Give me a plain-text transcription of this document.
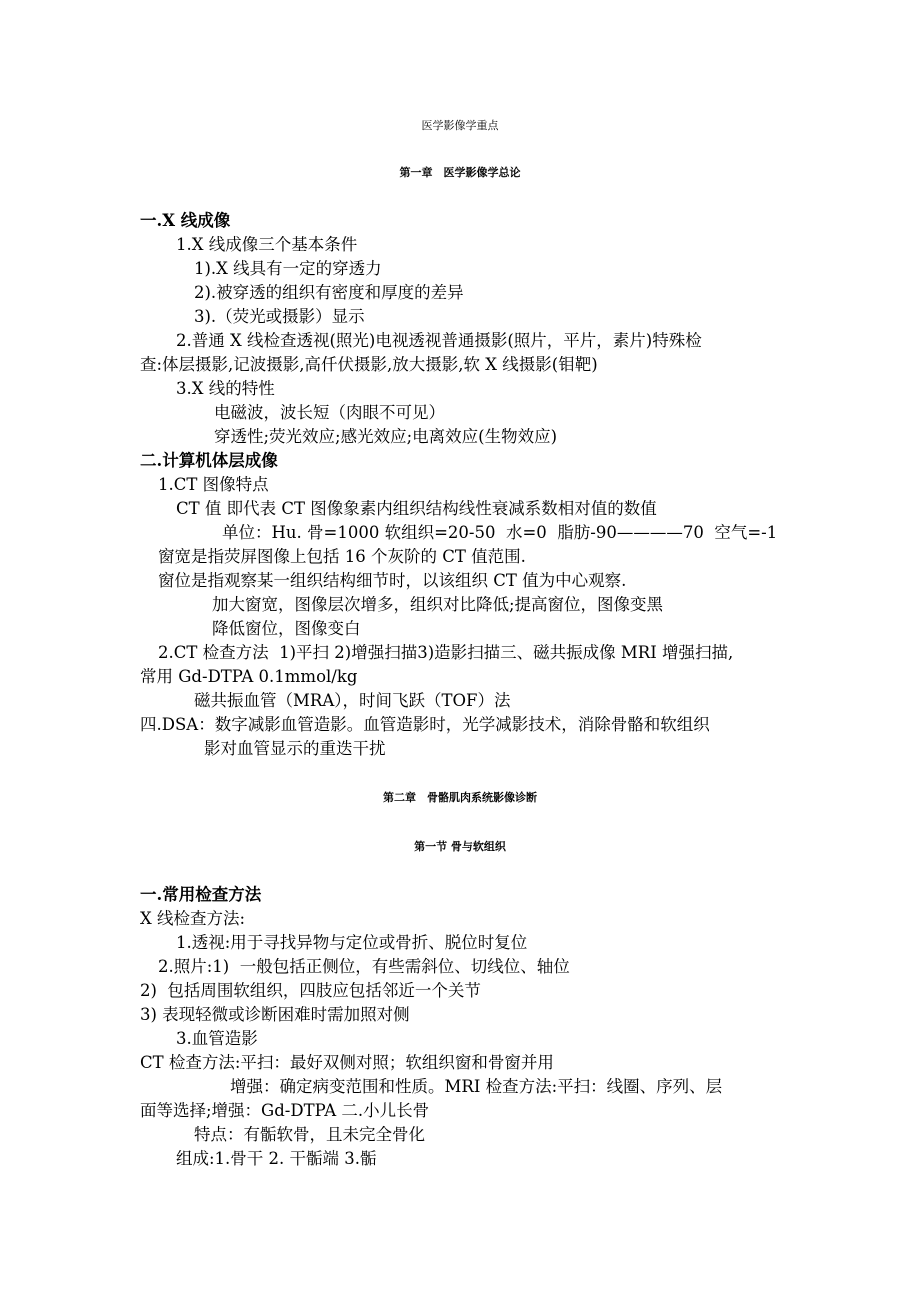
医学影像学重点
第一章　医学影像学总论
一.X 线成像
1.X 线成像三个基本条件
1).X 线具有一定的穿透力
2).被穿透的组织有密度和厚度的差异
3).（荧光或摄影）显示
2.普通 X 线检查透视(照光)电视透视普通摄影(照片，平片，素片)特殊检
查:体层摄影,记波摄影,高仟伏摄影,放大摄影,软 X 线摄影(钼靶)
3.X 线的特性
电磁波，波长短（肉眼不可见）
穿透性;荧光效应;感光效应;电离效应(生物效应)
二.计算机体层成像
1.CT 图像特点
CT 值 即代表 CT 图像象素内组织结构线性衰减系数相对值的数值
单位：Hu. 骨=1000 软组织=20-50  水=0  脂肪-90————70  空气=-1
窗宽是指荧屏图像上包括 16 个灰阶的 CT 值范围.
窗位是指观察某一组织结构细节时，以该组织 CT 值为中心观察.
加大窗宽，图像层次增多，组织对比降低;提高窗位，图像变黑
降低窗位，图像变白
2.CT 检查方法  1)平扫 2)增强扫描3)造影扫描三、磁共振成像 MRI 增强扫描,
常用 Gd-DTPA 0.1mmol/kg
磁共振血管（MRA），时间飞跃（TOF）法
四.DSA：数字减影血管造影。血管造影时，光学减影技术，消除骨骼和软组织
影对血管显示的重迭干扰
第二章　骨骼肌肉系统影像诊断
第一节 骨与软组织
一.常用检查方法
X 线检查方法:
1.透视:用于寻找异物与定位或骨折、脱位时复位
2.照片:1)  一般包括正侧位，有些需斜位、切线位、轴位
2)  包括周围软组织，四肢应包括邻近一个关节
3) 表现轻微或诊断困难时需加照对侧
3.血管造影
CT 检查方法:平扫：最好双侧对照；软组织窗和骨窗并用
增强：确定病变范围和性质。MRI 检查方法:平扫：线圈、序列、层
面等选择;增强：Gd-DTPA 二.小儿长骨
特点：有骺软骨，且未完全骨化
组成:1.骨干 2. 干骺端 3.骺
